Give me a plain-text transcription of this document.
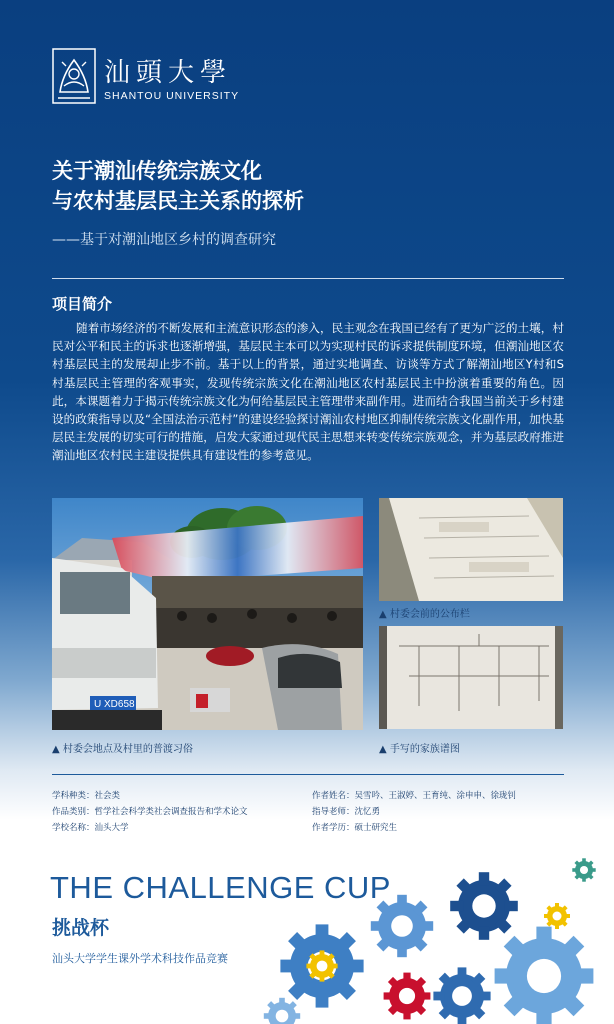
汕頭大學
SHANTOU UNIVERSITY
关于潮汕传统宗族文化
与农村基层民主关系的探析
——基于对潮汕地区乡村的调查研究
项目简介
随着市场经济的不断发展和主流意识形态的渗入，民主观念在我国已经有了更为广泛的土壤，村民对公平和民主的诉求也逐渐增强，基层民主本可以为实现村民的诉求提供制度环境，但潮汕地区农村基层民主的发展却止步不前。基于以上的背景，通过实地调查、访谈等方式了解潮汕地区Y村和S村基层民主管理的客观事实，发现传统宗族文化在潮汕地区农村基层民主中扮演着重要的角色。因此，本课题着力于揭示传统宗族文化为何给基层民主管理带来副作用。进而结合我国当前关于乡村建设的政策指导以及“全国法治示范村”的建设经验探讨潮汕农村地区抑制传统宗族文化副作用，加快基层民主发展的切实可行的措施，启发大家通过现代民主思想来转变传统宗族观念，并为基层政府推进潮汕地区农村民主建设提供具有建设性的参考意见。
U XD658
▲ 村委会地点及村里的普渡习俗
▲ 村委会前的公布栏
▲ 手写的家族谱图
学科种类：社会类
作品类别：哲学社会科学类社会调查报告和学术论文
学校名称：汕头大学
作者姓名：吴雪吟、王淑婷、王育纯、涂申申、徐珑钊
指导老师：沈忆勇
作者学历：硕士研究生
THE CHALLENGE CUP
挑战杯
汕头大学学生课外学术科技作品竞赛
